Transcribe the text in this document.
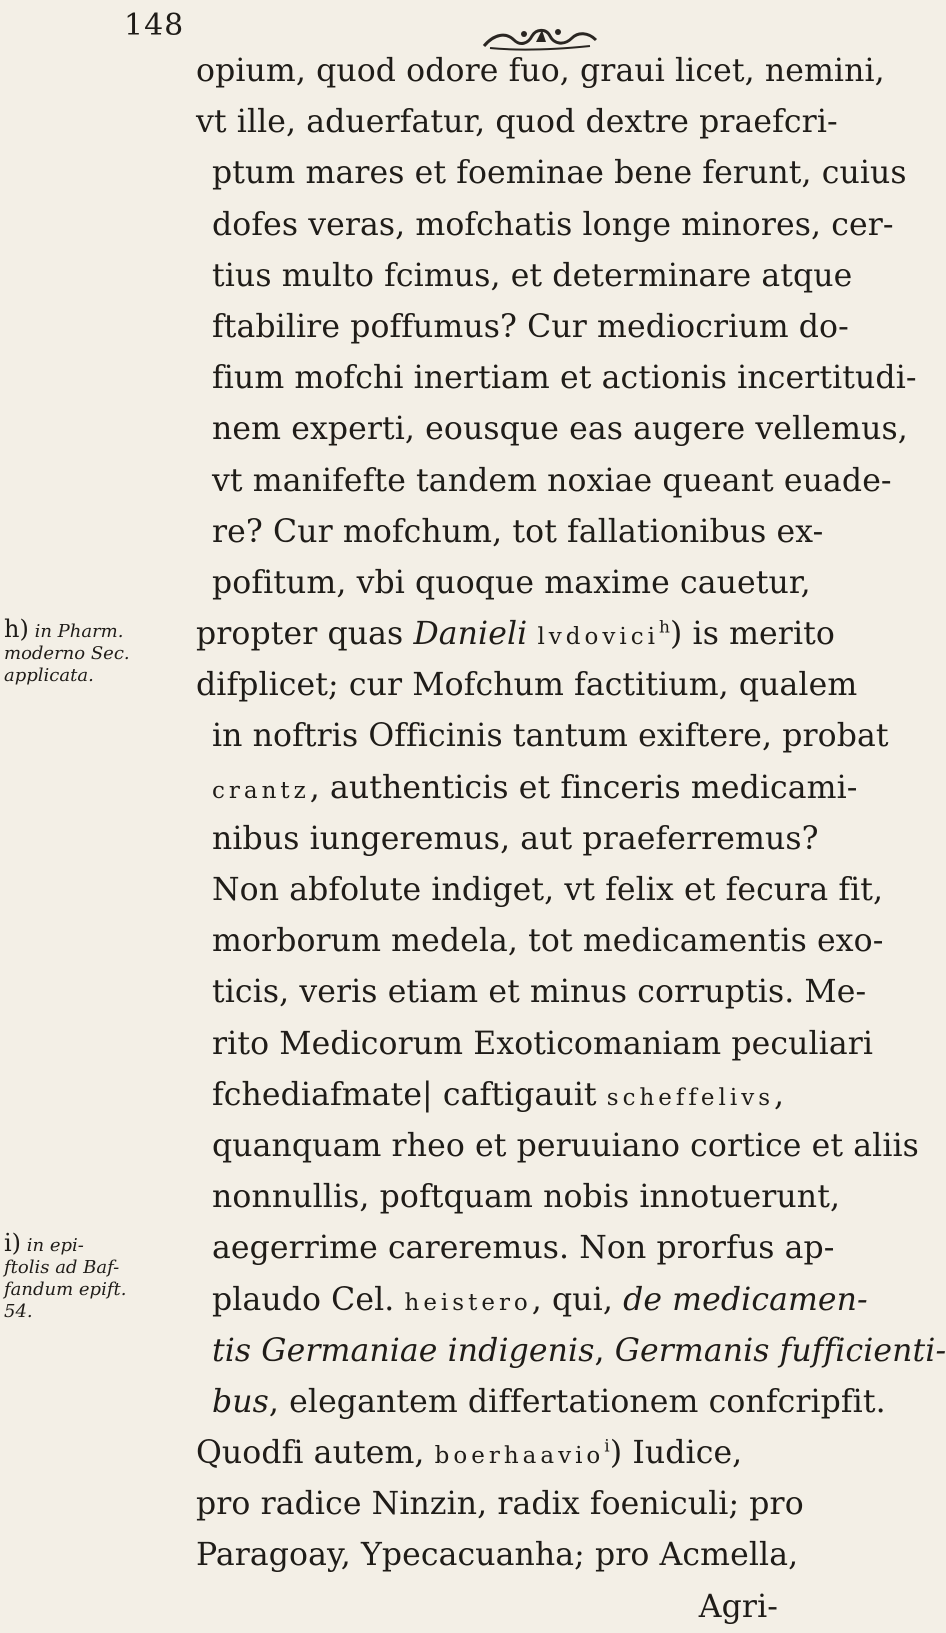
148
opium, quod odore fuo, graui licet, nemini,
vt ille, aduerfatur, quod dextre praefcri-
ptum mares et foeminae bene ferunt, cuius
dofes veras, mofchatis longe minores, cer-
tius multo fcimus, et determinare atque
ftabilire poffumus? Cur mediocrium do-
fium mofchi inertiam et actionis incertitudi-
nem experti, eousque eas augere vellemus,
vt manifefte tandem noxiae queant euade-
re? Cur mofchum, tot fallationibus ex-
pofitum, vbi quoque maxime cauetur,
propter quas Danieli lvdovici$^h$) is merito
difplicet; cur Mofchum factitium, qualem
in noftris Officinis tantum exiftere, probat
crantz, authenticis et finceris medicami-
nibus iungeremus, aut praeferremus?
Non abfolute indiget, vt felix et fecura fit,
morborum medela, tot medicamentis exo-
ticis, veris etiam et minus corruptis. Me-
rito Medicorum Exoticomaniam peculiari
fchediafmate| caftigauit scheffelivs,
quanquam rheo et peruuiano cortice et aliis
nonnullis, poftquam nobis innotuerunt,
aegerrime careremus. Non prorfus ap-
plaudo Cel. heistero, qui, de medicamen-
tis Germaniae indigenis, Germanis fufficienti-
bus, elegantem differtationem confcripfit.
Quodfi autem, boerhaavio$^i$) Iudice,
pro radice Ninzin, radix foeniculi; pro
Paragoay, Ypecacuanha; pro Acmella,
Agri-
h) in Pharm.
moderno Sec.
applicata.
i) in epi-
ftolis ad Baf-
fandum epift.
54.
